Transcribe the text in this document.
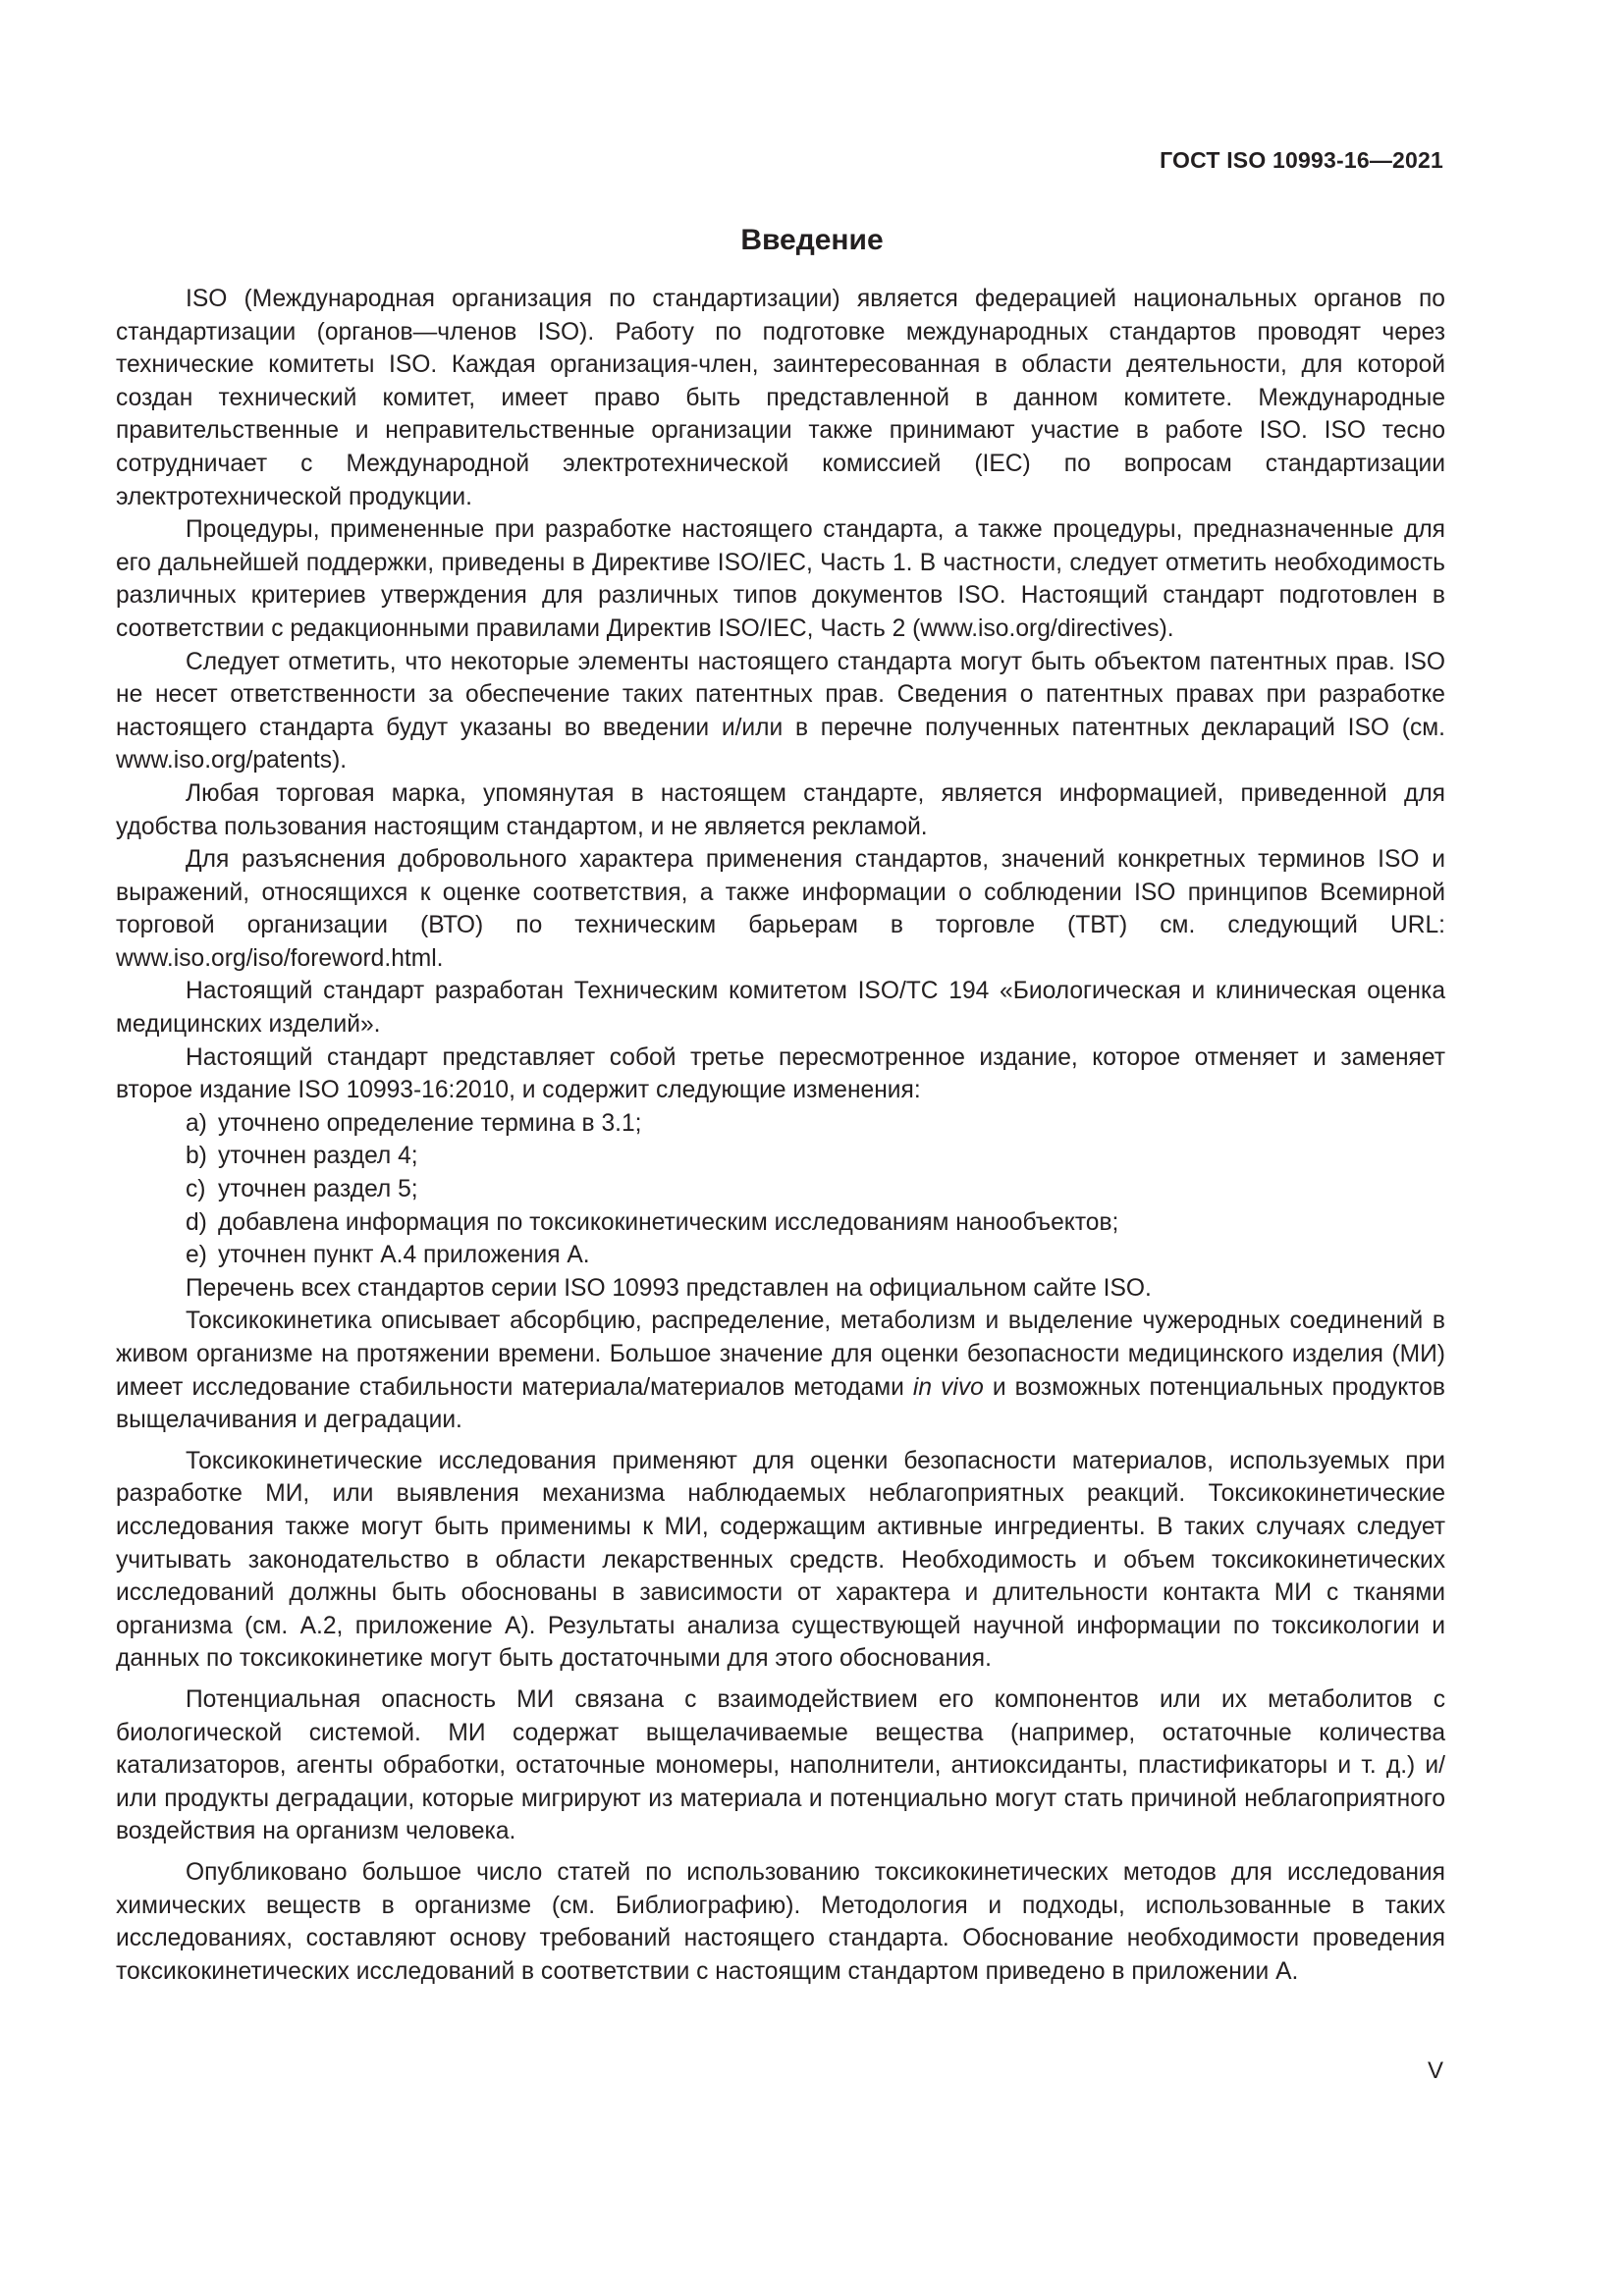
ГОСТ ISO 10993-16—2021
Введение

ISO (Международная организация по стандартизации) является федерацией национальных органов по стандартизации (органов—членов ISO). Работу по подготовке международных стандартов проводят через технические комитеты ISO. Каждая организация-член, заинтересованная в области деятельности, для которой создан технический комитет, имеет право быть представленной в данном комитете. Международные правительственные и неправительственные организации также принимают участие в работе ISO. ISO тесно сотрудничает с Международной электротехнической комиссией (IEC) по вопросам стандартизации электротехнической продукции.

Процедуры, примененные при разработке настоящего стандарта, а также процедуры, предназначенные для его дальнейшей поддержки, приведены в Директиве ISO/IEC, Часть 1. В частности, следует отметить необходимость различных критериев утверждения для различных типов документов ISO. Настоящий стандарт подготовлен в соответствии с редакционными правилами Директив ISO/IEC, Часть 2 (www.iso.org/directives).

Следует отметить, что некоторые элементы настоящего стандарта могут быть объектом патентных прав. ISO не несет ответственности за обеспечение таких патентных прав. Сведения о патентных правах при разработке настоящего стандарта будут указаны во введении и/или в перечне полученных патентных деклараций ISO (см. www.iso.org/patents).

Любая торговая марка, упомянутая в настоящем стандарте, является информацией, приведенной для удобства пользования настоящим стандартом, и не является рекламой.

Для разъяснения добровольного характера применения стандартов, значений конкретных терминов ISO и выражений, относящихся к оценке соответствия, а также информации о соблюдении ISO принципов Всемирной торговой организации (ВТО) по техническим барьерам в торговле (ТВТ) см. следующий URL: www.iso.org/iso/foreword.html.

Настоящий стандарт разработан Техническим комитетом ISO/TC 194 «Биологическая и клиническая оценка медицинских изделий».

Настоящий стандарт представляет собой третье пересмотренное издание, которое отменяет и заменяет второе издание ISO 10993-16:2010, и содержит следующие изменения:

a) уточнено определение термина в 3.1;
b) уточнен раздел 4;
c) уточнен раздел 5;
d) добавлена информация по токсикокинетическим исследованиям нанообъектов;
e) уточнен пункт А.4 приложения А.

Перечень всех стандартов серии ISO 10993 представлен на официальном сайте ISO.

Токсикокинетика описывает абсорбцию, распределение, метаболизм и выделение чужеродных соединений в живом организме на протяжении времени. Большое значение для оценки безопасности медицинского изделия (МИ) имеет исследование стабильности материала/материалов методами in vivo и возможных потенциальных продуктов выщелачивания и деградации.

Токсикокинетические исследования применяют для оценки безопасности материалов, используемых при разработке МИ, или выявления механизма наблюдаемых неблагоприятных реакций. Токсикокинетические исследования также могут быть применимы к МИ, содержащим активные ингредиенты. В таких случаях следует учитывать законодательство в области лекарственных средств. Необходимость и объем токсикокинетических исследований должны быть обоснованы в зависимости от характера и длительности контакта МИ с тканями организма (см. А.2, приложение А). Результаты анализа существующей научной информации по токсикологии и данных по токсикокинетике могут быть достаточными для этого обоснования.

Потенциальная опасность МИ связана с взаимодействием его компонентов или их метаболитов с биологической системой. МИ содержат выщелачиваемые вещества (например, остаточные количества катализаторов, агенты обработки, остаточные мономеры, наполнители, антиоксиданты, пластификаторы и т. д.) и/или продукты деградации, которые мигрируют из материала и потенциально могут стать причиной неблагоприятного воздействия на организм человека.

Опубликовано большое число статей по использованию токсикокинетических методов для исследования химических веществ в организме (см. Библиографию). Методология и подходы, использованные в таких исследованиях, составляют основу требований настоящего стандарта. Обоснование необходимости проведения токсикокинетических исследований в соответствии с настоящим стандартом приведено в приложении А.

V
